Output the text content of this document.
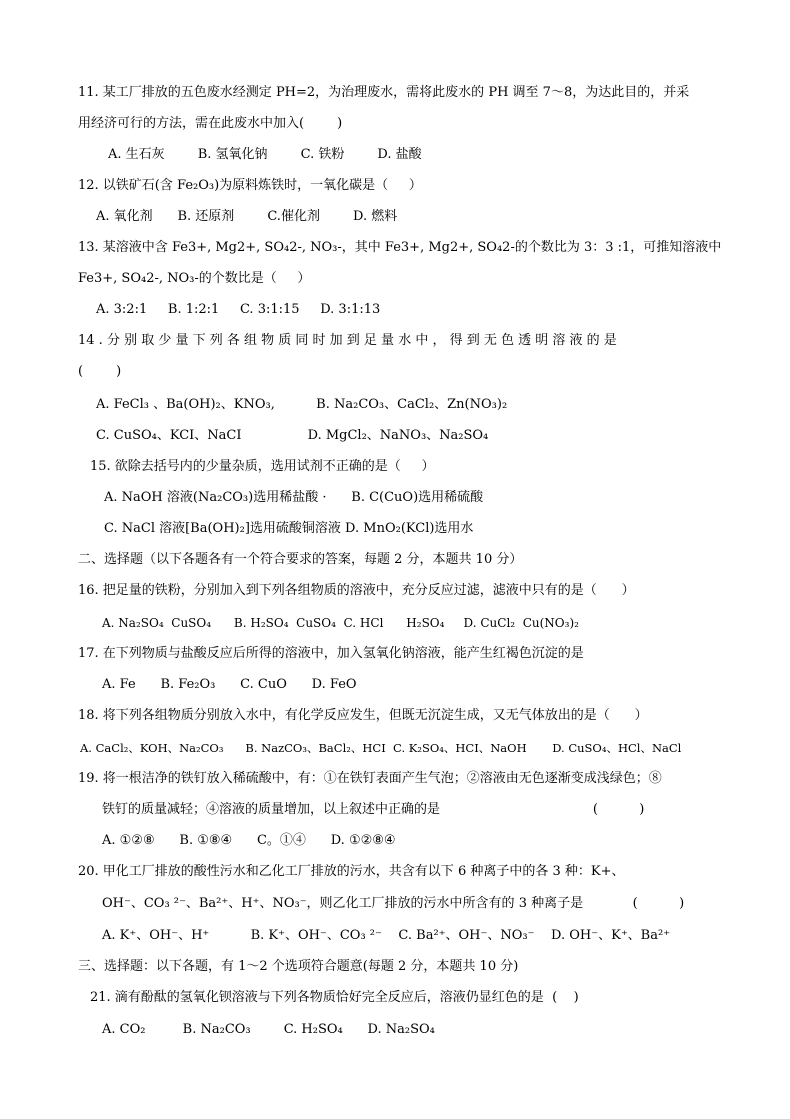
11. 某工厂排放的五色废水经测定 PH=2，为治理废水，需将此废水的 PH 调至 7～8，为达此目的，并采
用经济可行的方法，需在此废水中加入(        )
A. 生石灰        B. 氢氧化钠        C. 铁粉        D. 盐酸
12. 以铁矿石(含 Fe₂O₃)为原料炼铁时，一氧化碳是（     ）
A. 氧化剂      B. 还原剂        C.催化剂        D. 燃料
13. 某溶液中含 Fe3+, Mg2+, SO₄2-, NO₃-，其中 Fe3+, Mg2+, SO₄2-的个数比为 3：3 :1，可推知溶液中
Fe3+, SO₄2-, NO₃-的个数比是（     ）
A. 3:2:1     B. 1:2:1     C. 3:1:15     D. 3:1:13
14 . 分 别 取 少 量 下 列 各 组 物 质 同 时 加 到 足 量 水 中 ， 得 到 无 色 透 明 溶 液 的 是
(        )
A. FeCl₃ 、Ba(OH)₂、KNO₃,          B. Na₂CO₃、CaCl₂、Zn(NO₃)₂
C. CuSO₄、KCI、NaCI                D. MgCl₂、NaNO₃、Na₂SO₄
15. 欲除去括号内的少量杂质，选用试剂不正确的是（     ）
A. NaOH 溶液(Na₂CO₃)选用稀盐酸 ·      B. C(CuO)选用稀硫酸
C. NaCl 溶液[Ba(OH)₂]选用硫酸铜溶液 D. MnO₂(KCl)选用水
二、选择题（以下各题各有一个符合要求的答案，每题 2 分，本题共 10 分）
16. 把足量的铁粉，分别加入到下列各组物质的溶液中，充分反应过滤，滤液中只有的是（      ）
A. Na₂SO₄  CuSO₄      B. H₂SO₄  CuSO₄  C. HCl      H₂SO₄     D. CuCl₂  Cu(NO₃)₂
17. 在下列物质与盐酸反应后所得的溶液中，加入氢氧化钠溶液，能产生红褐色沉淀的是
A. Fe      B. Fe₂O₃      C. CuO      D. FeO
18. 将下列各组物质分别放入水中，有化学反应发生，但既无沉淀生成，又无气体放出的是（      ）
A. CaCl₂、KOH、Na₂CO₃      B. NazCO₃、BaCl₂、HCI  C. K₂SO₄、HCI、NaOH       D. CuSO₄、HCl、NaCl
19. 将一根洁净的铁钉放入稀硫酸中，有：①在铁钉表面产生气泡；②溶液由无色逐渐变成浅绿色；⑧
铁钉的质量减轻；④溶液的质量增加，以上叙述中正确的是                                     (          )
A. ①②⑧      B. ①⑧④      C。①④      D. ①②⑧④
20. 甲化工厂排放的酸性污水和乙化工厂排放的污水，共含有以下 6 种离子中的各 3 种：K+、
OH⁻、CO₃ ²⁻、Ba²⁺、H⁺、NO₃⁻，则乙化工厂排放的污水中所含有的 3 种离子是            (          )
A. K⁺、OH⁻、H⁺          B. K⁺、OH⁻、CO₃ ²⁻    C. Ba²⁺、OH⁻、NO₃⁻    D. OH⁻、K⁺、Ba²⁺
三、选择题：以下各题，有 1～2 个选项符合题意(每题 2 分，本题共 10 分)
21. 滴有酚酞的氢氧化钡溶液与下列各物质恰好完全反应后，溶液仍显红色的是  (    )
A. CO₂         B. Na₂CO₃        C. H₂SO₄      D. Na₂SO₄
